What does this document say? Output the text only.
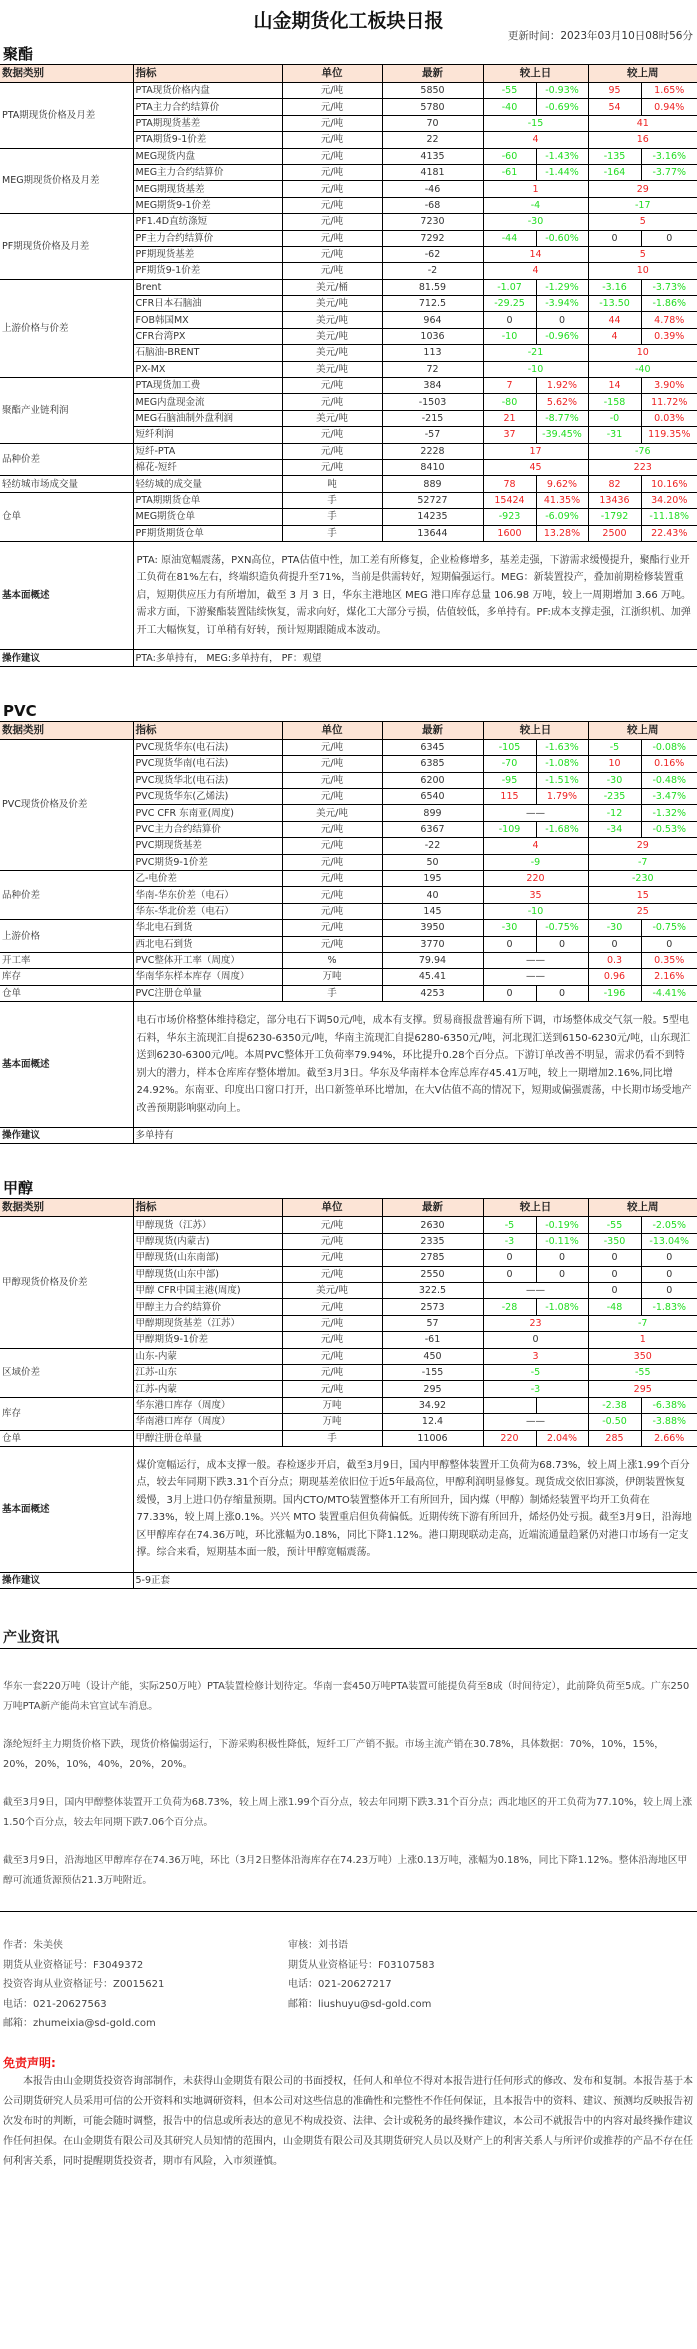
山金期货化工板块日报
更新时间：2023年03月10日08时56分
聚酯
数据类别	指标	单位	最新	较上日		较上周	
PTA期现货价格及月差	PTA现货价格内盘	元/吨	5850	-55	-0.93%	95	1.65%
	PTA主力合约结算价	元/吨	5780	-40	-0.69%	54	0.94%
	PTA期现货基差	元/吨	70	-15		41	
	PTA期货9-1价差	元/吨	22	4		16	
MEG期现货价格及月差	MEG现货内盘	元/吨	4135	-60	-1.43%	-135	-3.16%
	MEG主力合约结算价	元/吨	4181	-61	-1.44%	-164	-3.77%
	MEG期现货基差	元/吨	-46	1		29	
	MEG期货9-1价差	元/吨	-68	-4		-17	
PF期现货价格及月差	PF1.4D直纺涤短	元/吨	7230	-30		5	
	PF主力合约结算价	元/吨	7292	-44	-0.60%	0	0
	PF期现货基差	元/吨	-62	14		5	
	PF期货9-1价差	元/吨	-2	4		10	
上游价格与价差	Brent	美元/桶	81.59	-1.07	-1.29%	-3.16	-3.73%
	CFR日本石脑油	美元/吨	712.5	-29.25	-3.94%	-13.50	-1.86%
	FOB韩国MX	美元/吨	964	0	0	44	4.78%
	CFR台湾PX	美元/吨	1036	-10	-0.96%	4	0.39%
	石脑油-BRENT	美元/吨	113	-21		10	
	PX-MX	美元/吨	72	-10		-40	
聚酯产业链利润	PTA现货加工费	元/吨	384	7	1.92%	14	3.90%
	MEG内盘现金流	元/吨	-1503	-80	5.62%	-158	11.72%
	MEG石脑油制外盘利润	美元/吨	-215	21	-8.77%	-0	0.03%
	短纤利润	元/吨	-57	37	-39.45%	-31	119.35%
品种价差	短纤-PTA	元/吨	2228	17		-76	
	棉花-短纤	元/吨	8410	45		223	
轻纺城市场成交量	轻纺城的成交量	吨	889	78	9.62%	82	10.16%
仓单	PTA期期货仓单	手	52727	15424	41.35%	13436	34.20%
	MEG期货仓单	手	14235	-923	-6.09%	-1792	-11.18%
	PF期货期货仓单	手	13644	1600	13.28%	2500	22.43%
基本面概述	PTA: 原油宽幅震荡，PXN高位，PTA估值中性，加工差有所修复，企业检修增多，基差走强，下游需求缓慢提升，聚酯行业开工负荷在81%左右，终端织造负荷提升至71%，当前是供需转好，短期偏强运行。MEG：新装置投产，叠加前期检修装置重启，短期供应压力有所增加，截至 3 月 3 日，华东主港地区 MEG 港口库存总量 106.98 万吨，较上一周期增加 3.66 万吨。需求方面，下游聚酯装置陆续恢复，需求向好，煤化工大部分亏损，估值较低，多单持有。PF:成本支撑走强，江浙织机、加弹开工大幅恢复，订单稍有好转，预计短期跟随成本波动。						
操作建议	PTA:多单持有， MEG:多单持有， PF：观望						
PVC
数据类别	指标	单位	最新	较上日		较上周	
PVC现货价格及价差	PVC现货华东(电石法)	元/吨	6345	-105	-1.63%	-5	-0.08%
	PVC现货华南(电石法)	元/吨	6385	-70	-1.08%	10	0.16%
	PVC现货华北(电石法)	元/吨	6200	-95	-1.51%	-30	-0.48%
	PVC现货华东(乙烯法)	元/吨	6540	115	1.79%	-235	-3.47%
	PVC CFR 东南亚(周度)	美元/吨	899	——		-12	-1.32%
	PVC主力合约结算价	元/吨	6367	-109	-1.68%	-34	-0.53%
	PVC期现货基差	元/吨	-22	4		29	
	PVC期货9-1价差	元/吨	50	-9		-7	
品种价差	乙-电价差	元/吨	195	220		-230	
	华南-华东价差（电石）	元/吨	40	35		15	
	华东-华北价差（电石）	元/吨	145	-10		25	
上游价格	华北电石到货	元/吨	3950	-30	-0.75%	-30	-0.75%
	西北电石到货	元/吨	3770	0	0	0	0
开工率	PVC整体开工率（周度）	%	79.94	——		0.3	0.35%
库存	华南华东样本库存（周度）	万吨	45.41	——		0.96	2.16%
仓单	PVC注册仓单量	手	4253	0	0	-196	-4.41%
基本面概述	电石市场价格整体维持稳定，部分电石下调50元/吨，成本有支撑。贸易商报盘普遍有所下调，市场整体成交气氛一般。5型电石料，华东主流现汇自提6230-6350元/吨，华南主流现汇自提6280-6350元/吨，河北现汇送到6150-6230元/吨，山东现汇送到6230-6300元/吨。本周PVC整体开工负荷率79.94%，环比提升0.28个百分点。下游订单改善不明显，需求仍看不到特别大的潜力，样本仓库库存整体增加。截至3月3日。华东及华南样本仓库总库存45.41万吨，较上一期增加2.16%,同比增24.92%。东南亚、印度出口窗口打开，出口新签单环比增加，在大V估值不高的情况下，短期或偏强震荡，中长期市场受地产改善预期影响驱动向上。						
操作建议	多单持有						
甲醇
数据类别	指标	单位	最新	较上日		较上周	
甲醇现货价格及价差	甲醇现货（江苏）	元/吨	2630	-5	-0.19%	-55	-2.05%
	甲醇现货(内蒙古)	元/吨	2335	-3	-0.11%	-350	-13.04%
	甲醇现货(山东南部)	元/吨	2785	0	0	0	0
	甲醇现货(山东中部)	元/吨	2550	0	0	0	0
	甲醇 CFR中国主港(周度)	美元/吨	322.5	——		0	0
	甲醇主力合约结算价	元/吨	2573	-28	-1.08%	-48	-1.83%
	甲醇期现货基差（江苏）	元/吨	57	23		-7	
	甲醇期货9-1价差	元/吨	-61	0		1	
区域价差	山东-内蒙	元/吨	450	3		350	
	江苏-山东	元/吨	-155	-5		-55	
	江苏-内蒙	元/吨	295	-3		295	
库存	华东港口库存（周度）	万吨	34.92			-2.38	-6.38%
	华南港口库存（周度）	万吨	12.4	——		-0.50	-3.88%
仓单	甲醇注册仓单量	手	11006	220	2.04%	285	2.66%
基本面概述	煤价宽幅运行，成本支撑一般。春检逐步开启，截至3月9日，国内甲醇整体装置开工负荷为68.73%，较上周上涨1.99个百分点，较去年同期下跌3.31个百分点；期现基差依旧位于近5年最高位，甲醇利润明显修复。现货成交依旧寡淡，伊朗装置恢复缓慢，3月上进口仍存缩量预期。国内CTO/MTO装置整体开工有所回升，国内煤（甲醇）制烯烃装置平均开工负荷在77.33%，较上周上涨0.1%。兴兴 MTO 装置重启但负荷偏低。近期传统下游有所回升，烯烃仍处亏损。截至3月9日，沿海地区甲醇库存在74.36万吨，环比涨幅为0.18%，同比下降1.12%。港口期现联动走高，近端流通量趋紧仍对港口市场有一定支撑。综合来看，短期基本面一般，预计甲醇宽幅震荡。						
操作建议	5-9正套						
产业资讯
华东一套220万吨（设计产能，实际250万吨）PTA装置检修计划待定。华南一套450万吨PTA装置可能提负荷至8成（时间待定），此前降负荷至5成。广东250万吨PTA新产能尚未官宣试车消息。
涤纶短纤主力期货价格下跌，现货价格偏弱运行，下游采购积极性降低，短纤工厂产销不振。市场主流产销在30.78%，具体数据：70%，10%，15%，20%，20%，10%，40%，20%，20%。
截至3月9日，国内甲醇整体装置开工负荷为68.73%，较上周上涨1.99个百分点，较去年同期下跌3.31个百分点；西北地区的开工负荷为77.10%，较上周上涨1.50个百分点，较去年同期下跌7.06个百分点。
截至3月9日，沿海地区甲醇库存在74.36万吨，环比（3月2日整体沿海库存在74.23万吨）上涨0.13万吨，涨幅为0.18%，同比下降1.12%。整体沿海地区甲醇可流通货源预估21.3万吨附近。
作者：朱美侠
期货从业资格证号：F3049372
投资咨询从业资格证号：Z0015621
电话：021-20627563
邮箱：zhumeixia@sd-gold.com
审核：刘书语
期货从业资格证号：F03107583
电话：021-20627217
邮箱：liushuyu@sd-gold.com
免责声明:
本报告由山金期货投资咨询部制作，未获得山金期货有限公司的书面授权，任何人和单位不得对本报告进行任何形式的修改、发布和复制。本报告基于本公司期货研究人员采用可信的公开资料和实地调研资料，但本公司对这些信息的准确性和完整性不作任何保证，且本报告中的资料、建议、预测均反映报告初次发布时的判断，可能会随时调整，报告中的信息或所表达的意见不构成投资、法律、会计或税务的最终操作建议，本公司不就报告中的内容对最终操作建议作任何担保。在山金期货有限公司及其研究人员知情的范围内，山金期货有限公司及其期货研究人员以及财产上的利害关系人与所评价或推荐的产品不存在任何利害关系，同时提醒期货投资者，期市有风险，入市须谨慎。
